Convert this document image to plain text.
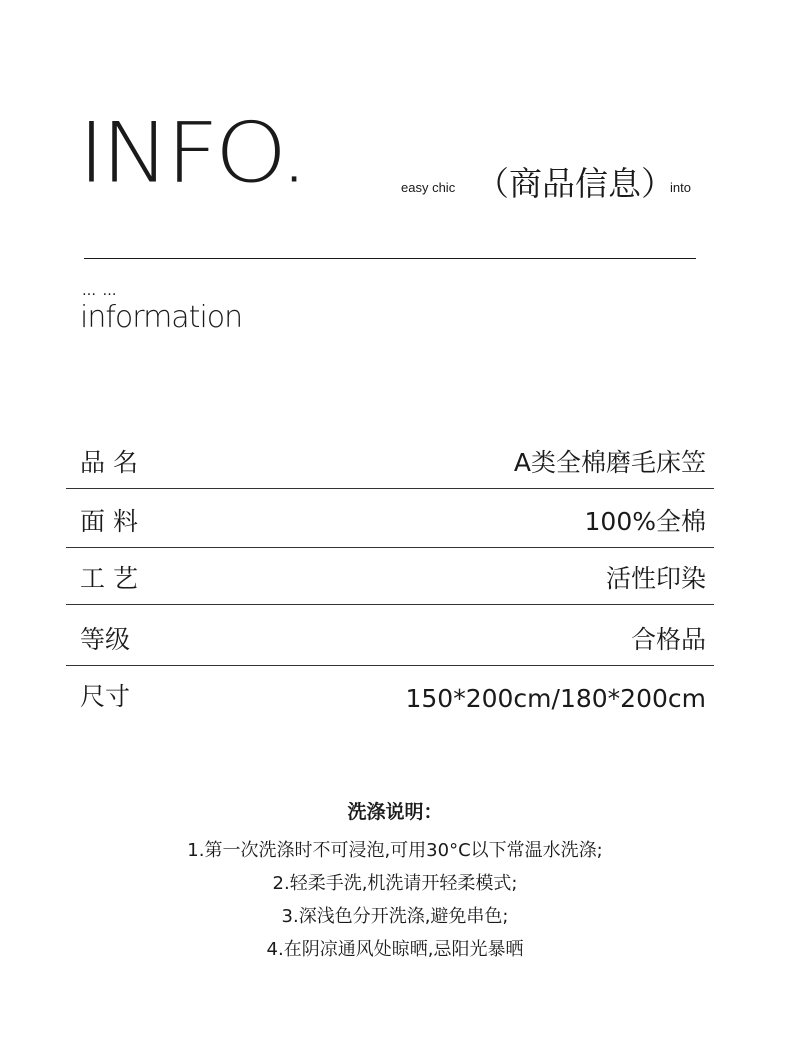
INFO.	easy chic （商品信息）
into
… …
information
品 名	A类全棉磨毛床笠
面 料	100%全棉
工 艺	活性印染
等级	合格品
尺寸	150*200cm/180*200cm
洗涤说明：
1.第一次洗涤时不可浸泡,可用30°C以下常温水洗涤;
2.轻柔手洗,机洗请开轻柔模式;
3.深浅色分开洗涤,避免串色;
4.在阴凉通风处晾晒,忌阳光暴晒
